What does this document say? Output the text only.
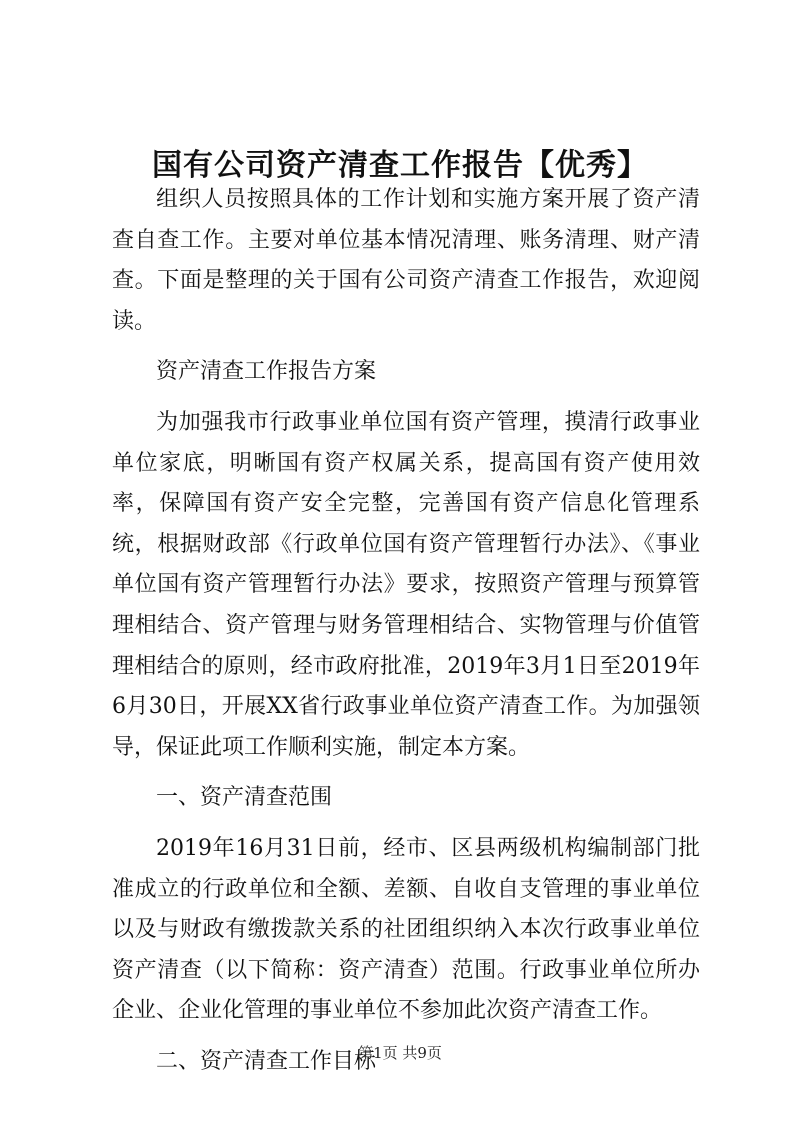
国有公司资产清查工作报告【优秀】

组织人员按照具体的工作计划和实施方案开展了资产清查自查工作。主要对单位基本情况清理、账务清理、财产清查。下面是整理的关于国有公司资产清查工作报告，欢迎阅读。

资产清查工作报告方案

为加强我市行政事业单位国有资产管理，摸清行政事业单位家底，明晰国有资产权属关系，提高国有资产使用效率，保障国有资产安全完整，完善国有资产信息化管理系统，根据财政部《行政单位国有资产管理暂行办法》、《事业单位国有资产管理暂行办法》要求，按照资产管理与预算管理相结合、资产管理与财务管理相结合、实物管理与价值管理相结合的原则，经市政府批准，2019年3月1日至2019年6月30日，开展XX省行政事业单位资产清查工作。为加强领导，保证此项工作顺利实施，制定本方案。

一、资产清查范围

2019年16月31日前，经市、区县两级机构编制部门批准成立的行政单位和全额、差额、自收自支管理的事业单位以及与财政有缴拨款关系的社团组织纳入本次行政事业单位资产清查（以下简称：资产清查）范围。行政事业单位所办企业、企业化管理的事业单位不参加此次资产清查工作。

二、资产清查工作目标

第1页 共9页
